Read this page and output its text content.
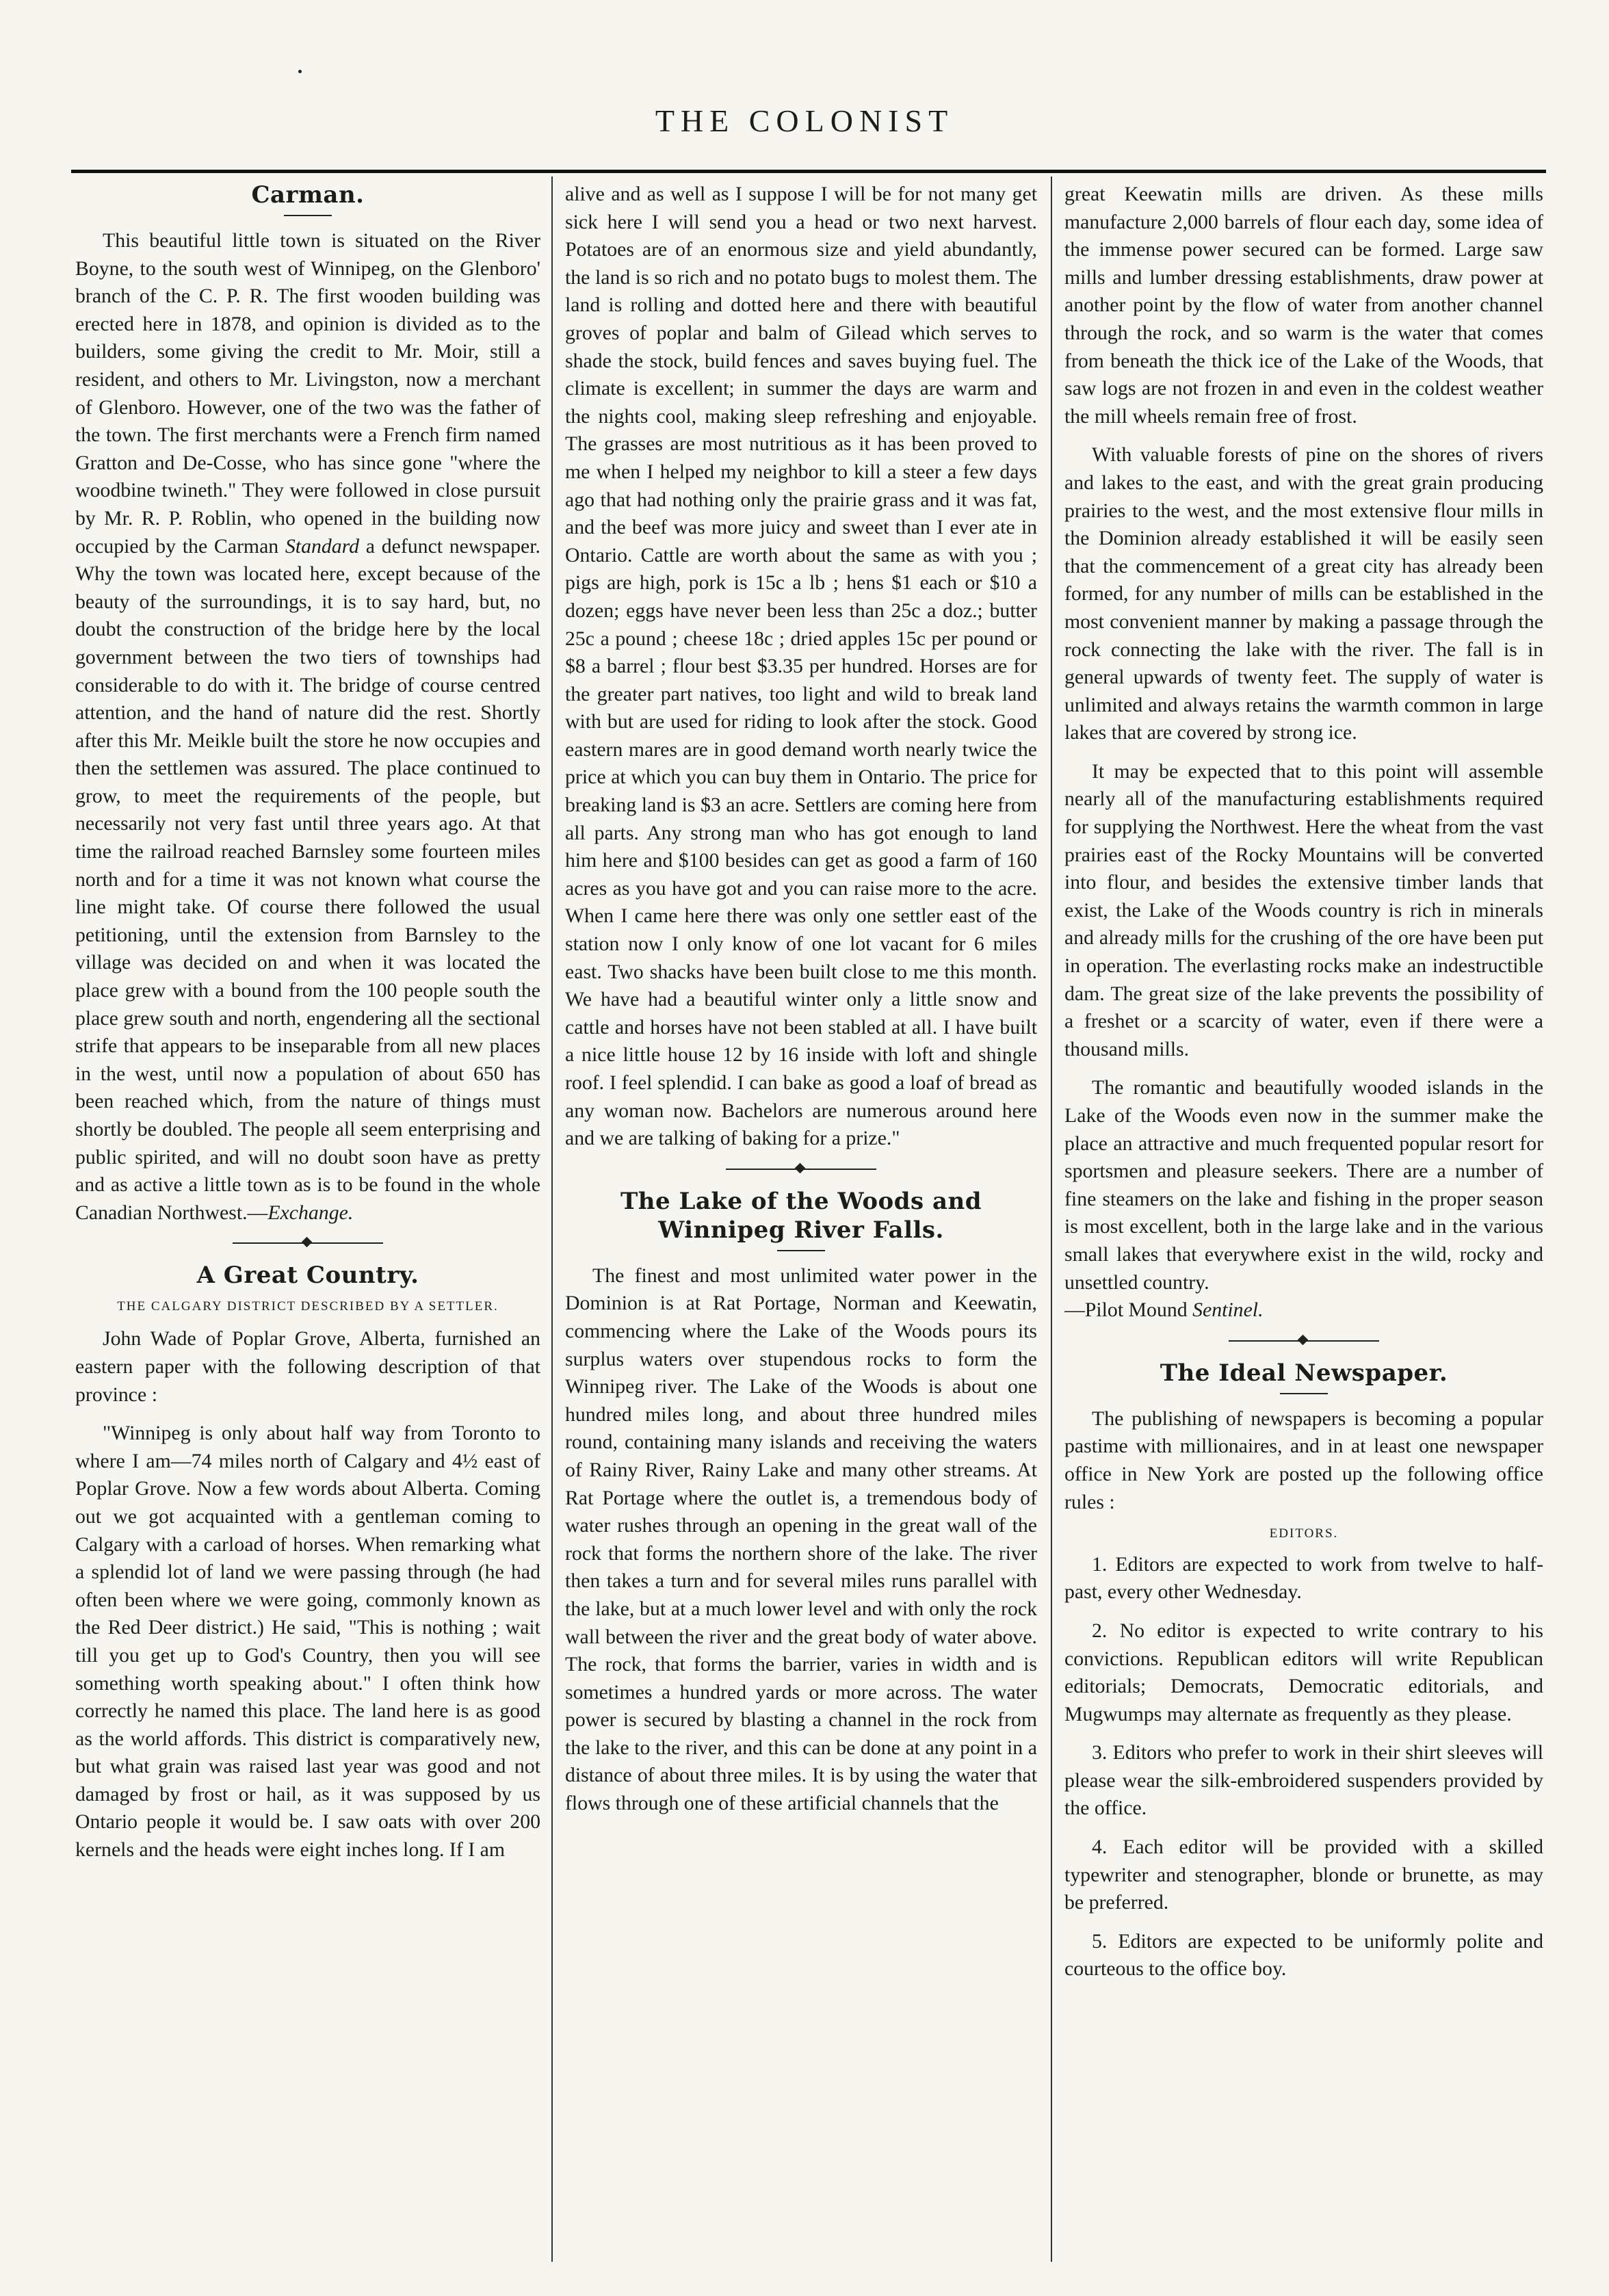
THE COLONIST
Carman.

This beautiful little town is situated on the River Boyne, to the south west of Winnipeg, on the Glenboro' branch of the C. P. R. The first wooden building was erected here in 1878, and opinion is divided as to the builders, some giving the credit to Mr. Moir, still a resident, and others to Mr. Livingston, now a merchant of Glenboro. However, one of the two was the father of the town. The first merchants were a French firm named Gratton and De-Cosse, who has since gone "where the woodbine twineth." They were followed in close pursuit by Mr. R. P. Roblin, who opened in the building now occupied by the Carman Standard a defunct newspaper. Why the town was located here, except because of the beauty of the surroundings, it is to say hard, but, no doubt the construction of the bridge here by the local government between the two tiers of townships had considerable to do with it. The bridge of course centred attention, and the hand of nature did the rest. Shortly after this Mr. Meikle built the store he now occupies and then the settlemen was assured. The place continued to grow, to meet the requirements of the people, but necessarily not very fast until three years ago. At that time the railroad reached Barnsley some fourteen miles north and for a time it was not known what course the line might take. Of course there followed the usual petitioning, until the extension from Barnsley to the village was decided on and when it was located the place grew with a bound from the 100 people south the place grew south and north, engendering all the sectional strife that appears to be inseparable from all new places in the west, until now a population of about 650 has been reached which, from the nature of things must shortly be doubled. The people all seem enterprising and public spirited, and will no doubt soon have as pretty and as active a little town as is to be found in the whole Canadian Northwest.—Exchange.

A Great Country.
THE CALGARY DISTRICT DESCRIBED BY A SETTLER.

John Wade of Poplar Grove, Alberta, furnished an eastern paper with the following description of that province :

"Winnipeg is only about half way from Toronto to where I am—74 miles north of Calgary and 4½ east of Poplar Grove. Now a few words about Alberta. Coming out we got acquainted with a gentleman coming to Calgary with a carload of horses. When remarking what a splendid lot of land we were passing through (he had often been where we were going, commonly known as the Red Deer district.) He said, "This is nothing ; wait till you get up to God's Country, then you will see something worth speaking about." I often think how correctly he named this place. The land here is as good as the world affords. This district is comparatively new, but what grain was raised last year was good and not damaged by frost or hail, as it was supposed by us Ontario people it would be. I saw oats with over 200 kernels and the heads were eight inches long. If I am

alive and as well as I suppose I will be for not many get sick here I will send you a head or two next harvest. Potatoes are of an enormous size and yield abundantly, the land is so rich and no potato bugs to molest them. The land is rolling and dotted here and there with beautiful groves of poplar and balm of Gilead which serves to shade the stock, build fences and saves buying fuel. The climate is excellent; in summer the days are warm and the nights cool, making sleep refreshing and enjoyable. The grasses are most nutritious as it has been proved to me when I helped my neighbor to kill a steer a few days ago that had nothing only the prairie grass and it was fat, and the beef was more juicy and sweet than I ever ate in Ontario. Cattle are worth about the same as with you ; pigs are high, pork is 15c a lb ; hens $1 each or $10 a dozen; eggs have never been less than 25c a doz.; butter 25c a pound ; cheese 18c ; dried apples 15c per pound or $8 a barrel ; flour best $3.35 per hundred. Horses are for the greater part natives, too light and wild to break land with but are used for riding to look after the stock. Good eastern mares are in good demand worth nearly twice the price at which you can buy them in Ontario. The price for breaking land is $3 an acre. Settlers are coming here from all parts. Any strong man who has got enough to land him here and $100 besides can get as good a farm of 160 acres as you have got and you can raise more to the acre. When I came here there was only one settler east of the station now I only know of one lot vacant for 6 miles east. Two shacks have been built close to me this month. We have had a beautiful winter only a little snow and cattle and horses have not been stabled at all. I have built a nice little house 12 by 16 inside with loft and shingle roof. I feel splendid. I can bake as good a loaf of bread as any woman now. Bachelors are numerous around here and we are talking of baking for a prize."

The Lake of the Woods and Winnipeg River Falls.

The finest and most unlimited water power in the Dominion is at Rat Portage, Norman and Keewatin, commencing where the Lake of the Woods pours its surplus waters over stupendous rocks to form the Winnipeg river. The Lake of the Woods is about one hundred miles long, and about three hundred miles round, containing many islands and receiving the waters of Rainy River, Rainy Lake and many other streams. At Rat Portage where the outlet is, a tremendous body of water rushes through an opening in the great wall of the rock that forms the northern shore of the lake. The river then takes a turn and for several miles runs parallel with the lake, but at a much lower level and with only the rock wall between the river and the great body of water above. The rock, that forms the barrier, varies in width and is sometimes a hundred yards or more across. The water power is secured by blasting a channel in the rock from the lake to the river, and this can be done at any point in a distance of about three miles. It is by using the water that flows through one of these artificial channels that the

great Keewatin mills are driven. As these mills manufacture 2,000 barrels of flour each day, some idea of the immense power secured can be formed. Large saw mills and lumber dressing establishments, draw power at another point by the flow of water from another channel through the rock, and so warm is the water that comes from beneath the thick ice of the Lake of the Woods, that saw logs are not frozen in and even in the coldest weather the mill wheels remain free of frost.

With valuable forests of pine on the shores of rivers and lakes to the east, and with the great grain producing prairies to the west, and the most extensive flour mills in the Dominion already established it will be easily seen that the commencement of a great city has already been formed, for any number of mills can be established in the most convenient manner by making a passage through the rock connecting the lake with the river. The fall is in general upwards of twenty feet. The supply of water is unlimited and always retains the warmth common in large lakes that are covered by strong ice.

It may be expected that to this point will assemble nearly all of the manufacturing establishments required for supplying the Northwest. Here the wheat from the vast prairies east of the Rocky Mountains will be converted into flour, and besides the extensive timber lands that exist, the Lake of the Woods country is rich in minerals and already mills for the crushing of the ore have been put in operation. The everlasting rocks make an indestructible dam. The great size of the lake prevents the possibility of a freshet or a scarcity of water, even if there were a thousand mills.

The romantic and beautifully wooded islands in the Lake of the Woods even now in the summer make the place an attractive and much frequented popular resort for sportsmen and pleasure seekers. There are a number of fine steamers on the lake and fishing in the proper season is most excellent, both in the large lake and in the various small lakes that everywhere exist in the wild, rocky and unsettled country.
—Pilot Mound Sentinel.

The Ideal Newspaper.

The publishing of newspapers is becoming a popular pastime with millionaires, and in at least one newspaper office in New York are posted up the following office rules :

EDITORS.

1. Editors are expected to work from twelve to half-past, every other Wednesday.

2. No editor is expected to write contrary to his convictions. Republican editors will write Republican editorials; Democrats, Democratic editorials, and Mugwumps may alternate as frequently as they please.

3. Editors who prefer to work in their shirt sleeves will please wear the silk-embroidered suspenders provided by the office.

4. Each editor will be provided with a skilled typewriter and stenographer, blonde or brunette, as may be preferred.

5. Editors are expected to be uniformly polite and courteous to the office boy.
